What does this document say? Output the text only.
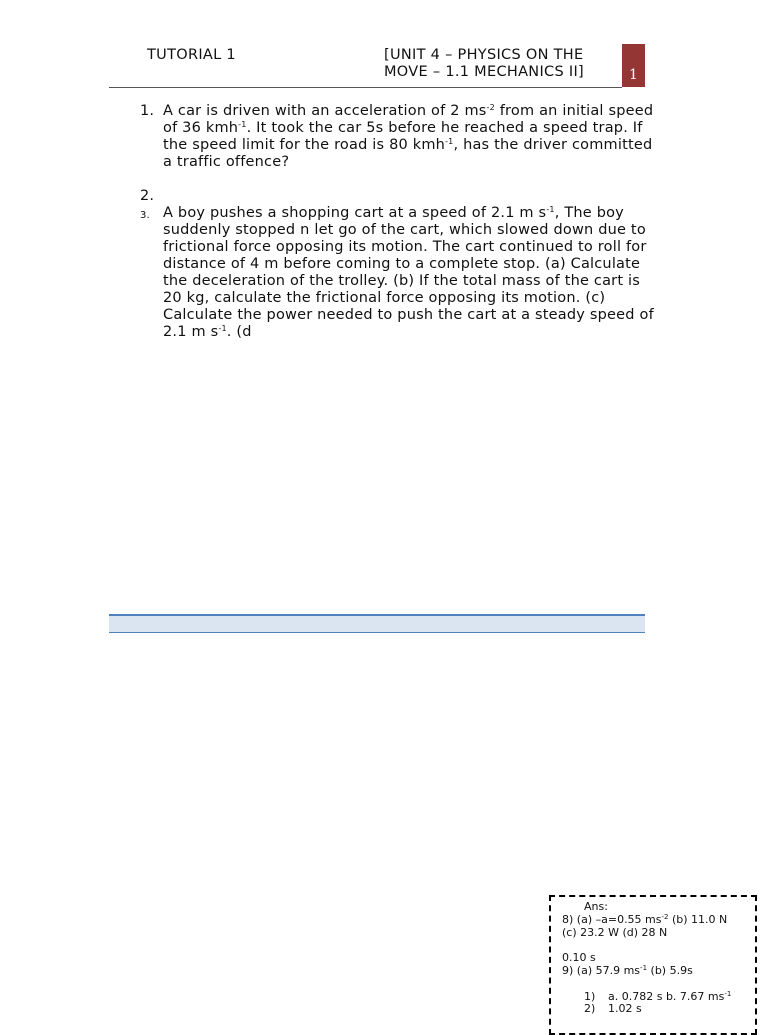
TUTORIAL 1	[UNIT 4 – PHYSICS ON THE
MOVE – 1.1 MECHANICS II]	1
1. A car is driven with an acceleration of 2 $ms^{-2}$ from an initial speed of 36 kmh$^{-1}$. It took the car 5s before he reached a speed trap. If the speed limit for the road is 80 kmh$^{-1}$, has the driver committed a traffic offence?
2.

3. A boy pushes a shopping cart at a speed of 2.1 m $s^{-1}$, The boy suddenly stopped n let go of the cart, which slowed down due to frictional force opposing its motion. The cart continued to roll for distance of 4 m before coming to a complete stop. (a) Calculate the deceleration of the trolley. (b) If the total mass of the cart is 20 kg, calculate the frictional force opposing its motion. (c) Calculate the power needed to push the cart at a steady speed of 2.1 m $s^{-1}$. (d
Ans:
8) (a) –a=0.55 $ms^{-2}$ (b) 11.0 N
(c) 23.2 W (d) 28 N
0.10 s
9) (a) 57.9 $ms^{-1}$ (b) 5.9s
1) a. 0.782 s b. 7.67 $ms^{-1}$
2) 1.02 s
